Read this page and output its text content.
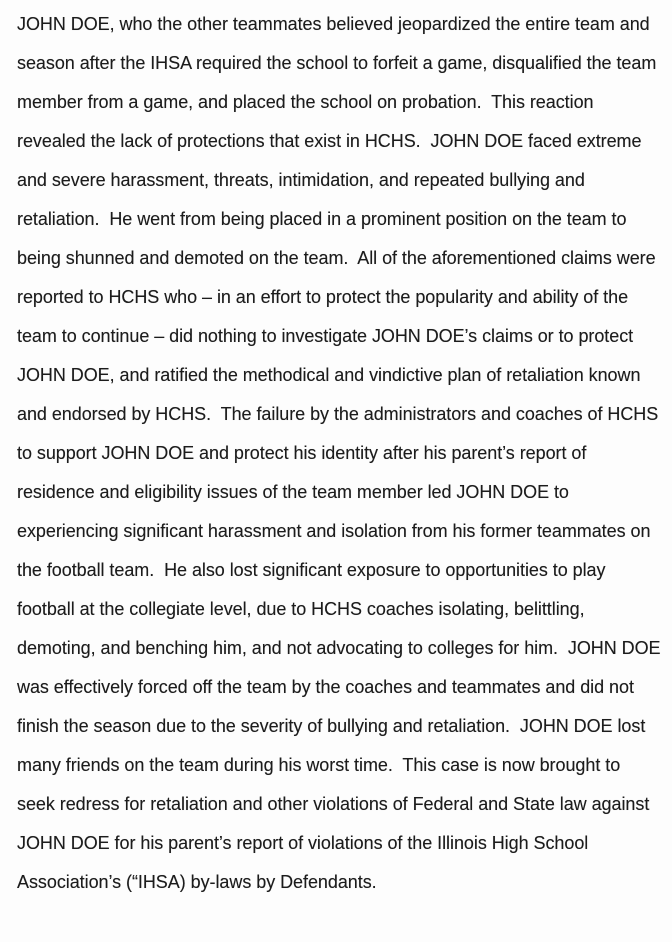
JOHN DOE, who the other teammates believed jeopardized the entire team and
season after the IHSA required the school to forfeit a game, disqualified the team
member from a game, and placed the school on probation.  This reaction
revealed the lack of protections that exist in HCHS.  JOHN DOE faced extreme
and severe harassment, threats, intimidation, and repeated bullying and
retaliation.  He went from being placed in a prominent position on the team to
being shunned and demoted on the team.  All of the aforementioned claims were
reported to HCHS who – in an effort to protect the popularity and ability of the
team to continue – did nothing to investigate JOHN DOE’s claims or to protect
JOHN DOE, and ratified the methodical and vindictive plan of retaliation known
and endorsed by HCHS.  The failure by the administrators and coaches of HCHS
to support JOHN DOE and protect his identity after his parent’s report of
residence and eligibility issues of the team member led JOHN DOE to
experiencing significant harassment and isolation from his former teammates on
the football team.  He also lost significant exposure to opportunities to play
football at the collegiate level, due to HCHS coaches isolating, belittling,
demoting, and benching him, and not advocating to colleges for him.  JOHN DOE
was effectively forced off the team by the coaches and teammates and did not
finish the season due to the severity of bullying and retaliation.  JOHN DOE lost
many friends on the team during his worst time.  This case is now brought to
seek redress for retaliation and other violations of Federal and State law against
JOHN DOE for his parent’s report of violations of the Illinois High School
Association’s (“IHSA) by-laws by Defendants.
